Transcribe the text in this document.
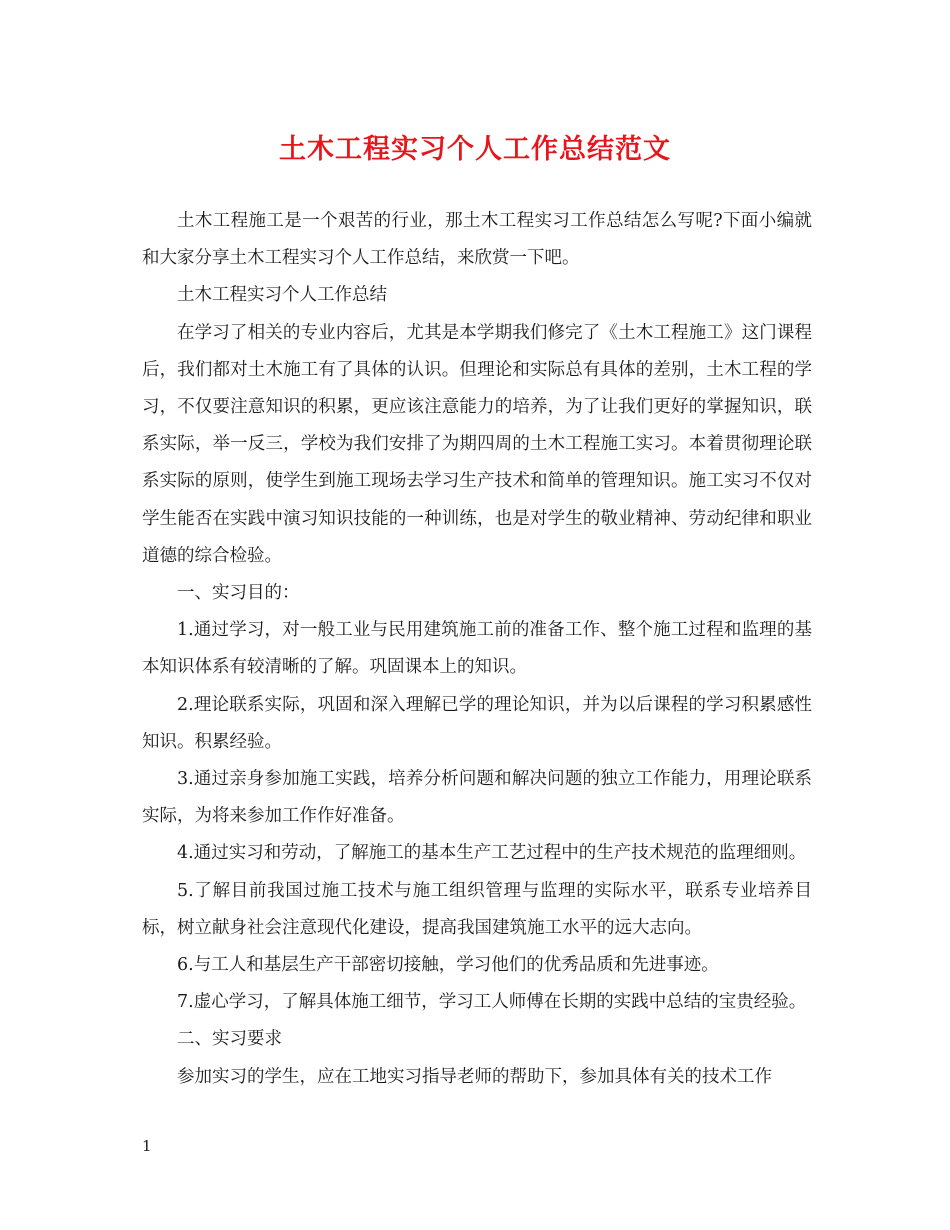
土木工程实习个人工作总结范文

土木工程施工是一个艰苦的行业，那土木工程实习工作总结怎么写呢?下面小编就和大家分享土木工程实习个人工作总结，来欣赏一下吧。

土木工程实习个人工作总结

在学习了相关的专业内容后，尤其是本学期我们修完了《土木工程施工》这门课程后，我们都对土木施工有了具体的认识。但理论和实际总有具体的差别，土木工程的学习，不仅要注意知识的积累，更应该注意能力的培养，为了让我们更好的掌握知识，联系实际，举一反三，学校为我们安排了为期四周的土木工程施工实习。本着贯彻理论联系实际的原则，使学生到施工现场去学习生产技术和简单的管理知识。施工实习不仅对学生能否在实践中演习知识技能的一种训练，也是对学生的敬业精神、劳动纪律和职业道德的综合检验。

一、实习目的：

1.通过学习，对一般工业与民用建筑施工前的准备工作、整个施工过程和监理的基本知识体系有较清晰的了解。巩固课本上的知识。

2.理论联系实际，巩固和深入理解已学的理论知识，并为以后课程的学习积累感性知识。积累经验。

3.通过亲身参加施工实践，培养分析问题和解决问题的独立工作能力，用理论联系实际，为将来参加工作作好准备。

4.通过实习和劳动，了解施工的基本生产工艺过程中的生产技术规范的监理细则。

5.了解目前我国过施工技术与施工组织管理与监理的实际水平，联系专业培养目标，树立献身社会注意现代化建设，提高我国建筑施工水平的远大志向。

6.与工人和基层生产干部密切接触，学习他们的优秀品质和先进事迹。

7.虚心学习，了解具体施工细节，学习工人师傅在长期的实践中总结的宝贵经验。

二、实习要求

参加实习的学生，应在工地实习指导老师的帮助下，参加具体有关的技术工作

1
